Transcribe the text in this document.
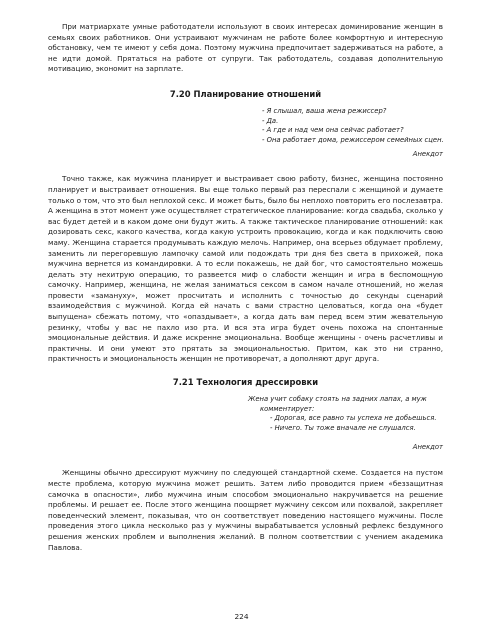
При матриархате умные работодатели используют в своих интересах доминирование женщин в семьях своих работников. Они устраивают мужчинам не работе более комфортную и интересную обстановку, чем те имеют у себя дома. Поэтому мужчина предпочитает задерживаться на работе, а не идти домой. Прятаться на работе от супруги. Так работодатель, создавая дополнительную мотивацию, экономит на зарплате.

7.20 Планирование отношений
- Я слышал, ваша жена режиссер?
- Да.
- А где и над чем она сейчас работает?
- Она работает дома, режиссером семейных сцен.
Анекдот

Точно также, как мужчина планирует и выстраивает свою работу, бизнес, женщина постоянно планирует и выстраивает отношения. Вы еще только первый раз переспали с женщиной и думаете только о том, что это был неплохой секс. И может быть, было бы неплохо повторить его послезавтра. А женщина в этот момент уже осуществляет стратегическое планирование: когда свадьба, сколько у вас будет детей и в каком доме они будут жить. А также тактическое планирование отношений: как дозировать секс, какого качества, когда какую устроить провокацию, когда и как подключить свою маму. Женщина старается продумывать каждую мелочь. Например, она всерьез обдумает проблему, заменить ли перегоревшую лампочку самой или подождать три дня без света в прихожей, пока мужчина вернется из командировки. А то если покажешь, не дай бог, что самостоятельно можешь делать эту нехитрую операцию, то развеется миф о слабости женщин и игра в беспомощную самочку. Например, женщина, не желая заниматься сексом в самом начале отношений, но желая провести «замануху», может просчитать и исполнить с точностью до секунды сценарий взаимодействия с мужчиной. Когда ей начать с вами страстно целоваться, когда она «будет выпущена» сбежать потому, что «опаздывает», а когда дать вам перед всем этим жевательную резинку, чтобы у вас не пахло изо рта. И вся эта игра будет очень похожа на спонтанные эмоциональные действия. И даже искренне эмоциональна. Вообще женщины - очень расчетливы и практичны. И они умеют это прятать за эмоциональностью. Притом, как это ни странно, практичность и эмоциональность женщин не противоречат, а дополняют друг друга.

7.21 Технология дрессировки
Жена учит собаку стоять на задних лапах, а муж
комментирует:
- Дорогая, все равно ты успеха не добьешься.
- Ничего. Ты тоже вначале не слушался.
Анекдот

Женщины обычно дрессируют мужчину по следующей стандартной схеме. Создается на пустом месте проблема, которую мужчина может решить. Затем либо проводится прием «беззащитная самочка в опасности», либо мужчина иным способом эмоционально накручивается на решение проблемы. И решает ее. После этого женщина поощряет мужчину сексом или похвалой, закрепляет поведенческий элемент, показывая, что он соответствует поведению настоящего мужчины. После проведения этого цикла несколько раз у мужчины вырабатывается условный рефлекс бездумного решения женских проблем и выполнения желаний. В полном соответствии с учением академика Павлова.

224
